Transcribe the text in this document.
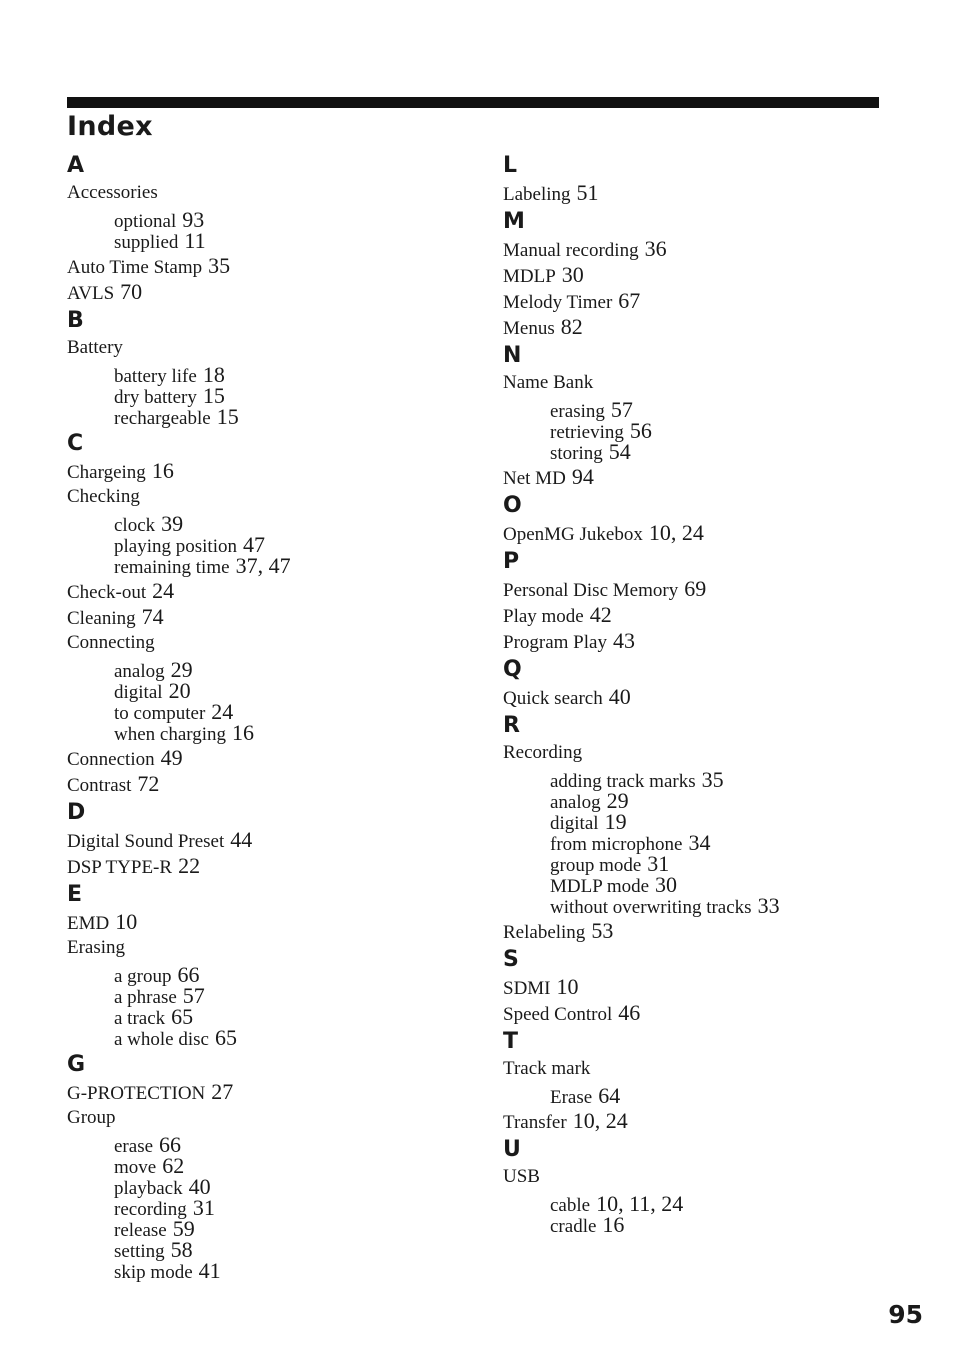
Index
A
Accessories
optional 93
supplied 11
Auto Time Stamp 35
AVLS 70
B
Battery
battery life 18
dry battery 15
rechargeable 15
C
Chargeing 16
Checking
clock 39
playing position 47
remaining time 37, 47
Check-out 24
Cleaning 74
Connecting
analog 29
digital 20
to computer 24
when charging 16
Connection 49
Contrast 72
D
Digital Sound Preset 44
DSP TYPE-R 22
E
EMD 10
Erasing
a group 66
a phrase 57
a track 65
a whole disc 65
G
G-PROTECTION 27
Group
erase 66
move 62
playback 40
recording 31
release 59
setting 58
skip mode 41
L
Labeling 51
M
Manual recording 36
MDLP 30
Melody Timer 67
Menus 82
N
Name Bank
erasing 57
retrieving 56
storing 54
Net MD 94
O
OpenMG Jukebox 10, 24
P
Personal Disc Memory 69
Play mode 42
Program Play 43
Q
Quick search 40
R
Recording
adding track marks 35
analog 29
digital 19
from microphone 34
group mode 31
MDLP mode 30
without overwriting tracks 33
Relabeling 53
S
SDMI 10
Speed Control 46
T
Track mark
Erase 64
Transfer 10, 24
U
USB
cable 10, 11, 24
cradle 16
95
